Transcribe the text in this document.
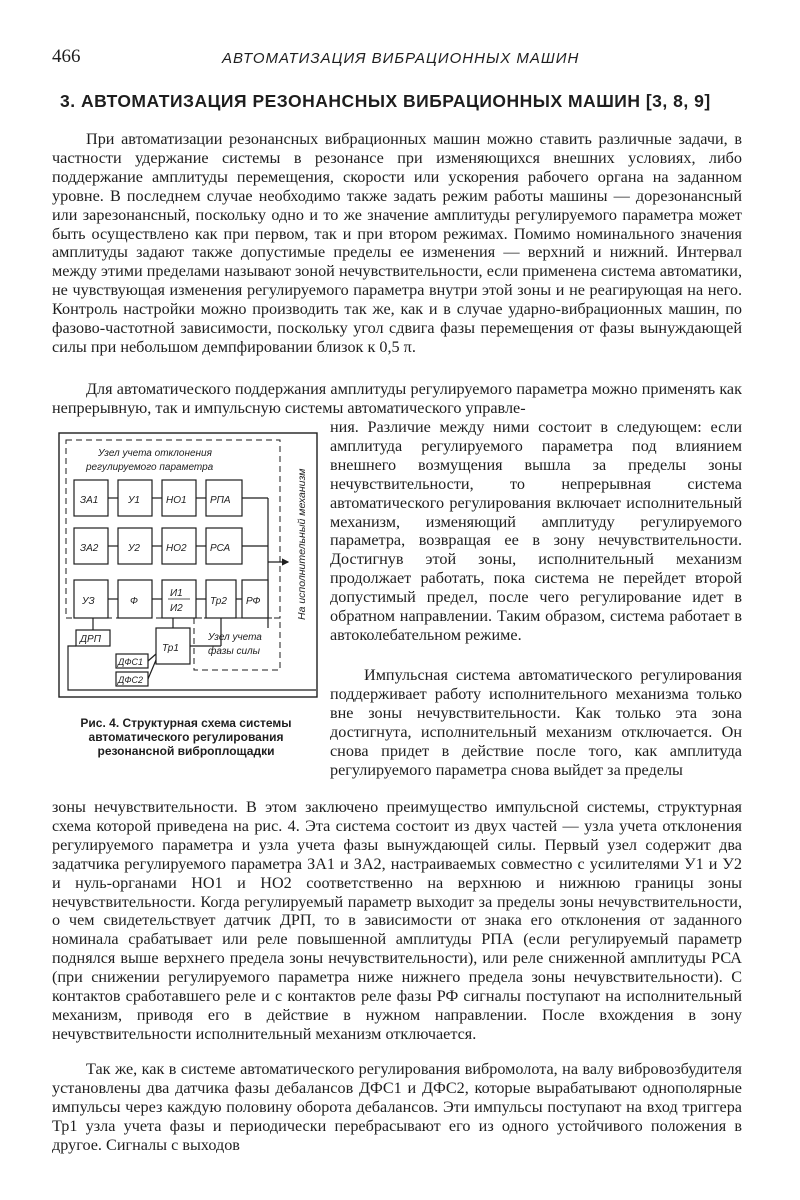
466	АВТОМАТИЗАЦИЯ ВИБРАЦИОННЫХ МАШИН
3. АВТОМАТИЗАЦИЯ РЕЗОНАНСНЫХ ВИБРАЦИОННЫХ МАШИН [3, 8, 9]

При автоматизации резонансных вибрационных машин можно ставить различные задачи, в частности удержание системы в резонансе при изменяющихся внешних условиях, либо поддержание амплитуды перемещения, скорости или ускорения рабочего органа на заданном уровне. В последнем случае необходимо также задать режим работы машины — дорезонансный или зарезонансный, поскольку одно и то же значение амплитуды регулируемого параметра может быть осуществлено как при первом, так и при втором режимах. Помимо номинального значения амплитуды задают также допустимые пределы ее изменения — верхний и нижний. Интервал между этими пределами называют зоной нечувствительности, если применена система автоматики, не чувствующая изменения регулируемого параметра внутри этой зоны и не реагирующая на него. Контроль настройки можно производить так же, как и в случае ударно-вибрационных машин, по фазово-частотной зависимости, поскольку угол сдвига фазы перемещения от фазы вынуждающей силы при небольшом демпфировании близок к 0,5 π.

Для автоматического поддержания амплитуды регулируемого параметра можно применять как непрерывную, так и импульсную системы автоматического управле-

ния. Различие между ними состоит в следующем: если амплитуда регулируемого параметра под влиянием внешнего возмущения вышла за пределы зоны нечувствительности, то непрерывная система автоматического регулирования включает исполнительный механизм, изменяющий амплитуду регулируемого параметра, возвращая ее в зону нечувствительности. Достигнув этой зоны, исполнительный механизм продолжает работать, пока система не перейдет второй допустимый предел, после чего регулирование идет в обратном направлении. Таким образом, система работает в автоколебательном режиме.

Импульсная система автоматического регулирования поддерживает работу исполнительного механизма только вне зоны нечувствительности. Как только эта зона достигнута, исполнительный механизм отключается. Он снова придет в действие после того, как амплитуда регулируемого параметра снова выйдет за пределы

зоны нечувствительности. В этом заключено преимущество импульсной системы, структурная схема которой приведена на рис. 4. Эта система состоит из двух частей — узла учета отклонения регулируемого параметра и узла учета фазы вынуждающей силы. Первый узел содержит два задатчика регулируемого параметра ЗА1 и ЗА2, настраиваемых совместно с усилителями У1 и У2 и нуль-органами НО1 и НО2 соответственно на верхнюю и нижнюю границы зоны нечувствительности. Когда регулируемый параметр выходит за пределы зоны нечувствительности, о чем свидетельствует датчик ДРП, то в зависимости от знака его отклонения от заданного номинала срабатывает или реле повышенной амплитуды РПА (если регулируемый параметр поднялся выше верхнего предела зоны нечувствительности), или реле сниженной амплитуды РСА (при снижении регулируемого параметра ниже нижнего предела зоны нечувствительности). С контактов сработавшего реле и с контактов реле фазы РФ сигналы поступают на исполнительный механизм, приводя его в действие в нужном направлении. После вхождения в зону нечувствительности исполнительный механизм отключается.

Так же, как в системе автоматического регулирования вибромолота, на валу вибровозбудителя установлены два датчика фазы дебалансов ДФС1 и ДФС2, которые вырабатывают однополярные импульсы через каждую половину оборота дебалансов. Эти импульсы поступают на вход триггера Тр1 узла учета фазы и периодически перебрасывают его из одного устойчивого положения в другое. Сигналы с выходов

Узел учета отклонения
регулируемого параметра
Узел учета
фазы силы
На исполнительный механизм
ЗА1	У1	НО1 РПА
ЗА2	У2	НО2 РСА
УЗ	Ф
И1
И2
Тр2 РФ
Тр1
ДРП
ДФС1
ДФС2
Рис. 4. Структурная схема системы автоматического регулирования резонансной виброплощадки
